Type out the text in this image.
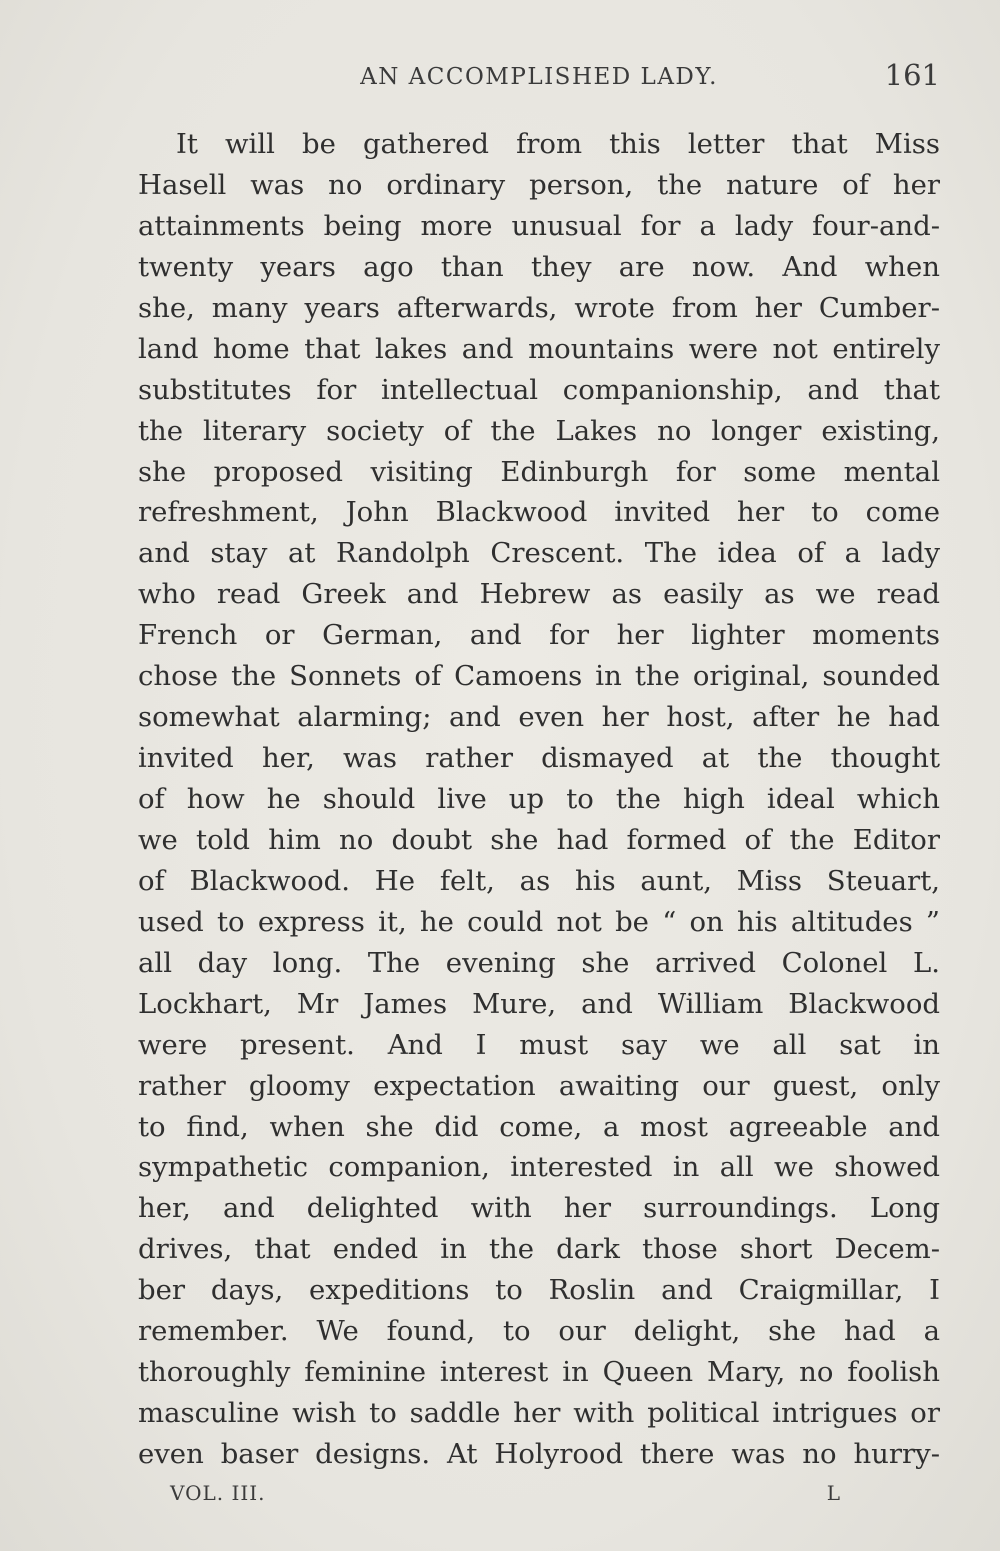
AN ACCOMPLISHED LADY.	161
It will be gathered from this letter that Miss
Hasell was no ordinary person, the nature of her
attainments being more unusual for a lady four-and-
twenty years ago than they are now. And when
she, many years afterwards, wrote from her Cumber-
land home that lakes and mountains were not entirely
substitutes for intellectual companionship, and that
the literary society of the Lakes no longer existing,
she proposed visiting Edinburgh for some mental
refreshment, John Blackwood invited her to come
and stay at Randolph Crescent. The idea of a lady
who read Greek and Hebrew as easily as we read
French or German, and for her lighter moments
chose the Sonnets of Camoens in the original, sounded
somewhat alarming; and even her host, after he had
invited her, was rather dismayed at the thought
of how he should live up to the high ideal which
we told him no doubt she had formed of the Editor
of Blackwood. He felt, as his aunt, Miss Steuart,
used to express it, he could not be “ on his altitudes ”
all day long. The evening she arrived Colonel L.
Lockhart, Mr James Mure, and William Blackwood
were present. And I must say we all sat in
rather gloomy expectation awaiting our guest, only
to find, when she did come, a most agreeable and
sympathetic companion, interested in all we showed
her, and delighted with her surroundings. Long
drives, that ended in the dark those short Decem-
ber days, expeditions to Roslin and Craigmillar, I
remember. We found, to our delight, she had a
thoroughly feminine interest in Queen Mary, no foolish
masculine wish to saddle her with political intrigues or
even baser designs. At Holyrood there was no hurry-
VOL. III.	L
